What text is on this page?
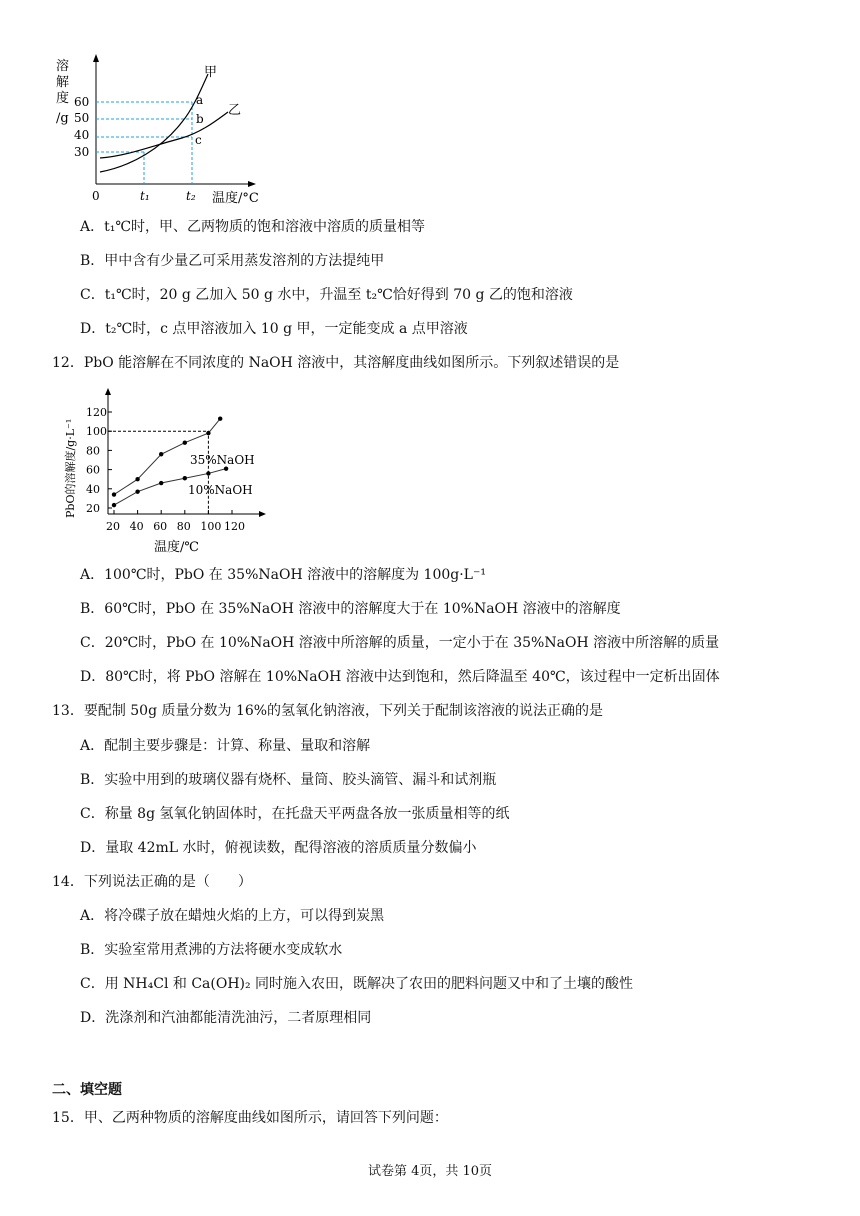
溶
解
度
/g
60
50
40
30
甲
乙
a
b
c
0	t₁	t₂ 温度/°C
A．t₁℃时，甲、乙两物质的饱和溶液中溶质的质量相等
B．甲中含有少量乙可采用蒸发溶剂的方法提纯甲
C．t₁℃时，20 g 乙加入 50 g 水中，升温至 t₂℃恰好得到 70 g 乙的饱和溶液
D．t₂℃时，c 点甲溶液加入 10 g 甲，一定能变成 a 点甲溶液
12．PbO 能溶解在不同浓度的 NaOH 溶液中，其溶解度曲线如图所示。下列叙述错误的是
PbO的溶解度/g·L⁻¹
120
100
80
60
40
20
20 40 60 80 100 120
温度/℃
35%NaOH
10%NaOH
A．100℃时，PbO 在 35%NaOH 溶液中的溶解度为 100g·L⁻¹
B．60℃时，PbO 在 35%NaOH 溶液中的溶解度大于在 10%NaOH 溶液中的溶解度
C．20℃时，PbO 在 10%NaOH 溶液中所溶解的质量，一定小于在 35%NaOH 溶液中所溶解的质量
D．80℃时，将 PbO 溶解在 10%NaOH 溶液中达到饱和，然后降温至 40℃，该过程中一定析出固体
13．要配制 50g 质量分数为 16%的氢氧化钠溶液，下列关于配制该溶液的说法正确的是
A．配制主要步骤是：计算、称量、量取和溶解
B．实验中用到的玻璃仪器有烧杯、量筒、胶头滴管、漏斗和试剂瓶
C．称量 8g 氢氧化钠固体时，在托盘天平两盘各放一张质量相等的纸
D．量取 42mL 水时，俯视读数，配得溶液的溶质质量分数偏小
14．下列说法正确的是（　　）
A．将冷碟子放在蜡烛火焰的上方，可以得到炭黑
B．实验室常用煮沸的方法将硬水变成软水
C．用 NH₄Cl 和 Ca(OH)₂ 同时施入农田，既解决了农田的肥料问题又中和了土壤的酸性
D．洗涤剂和汽油都能清洗油污，二者原理相同
二、填空题
15．甲、乙两种物质的溶解度曲线如图所示，请回答下列问题：
试卷第 4页，共 10页
